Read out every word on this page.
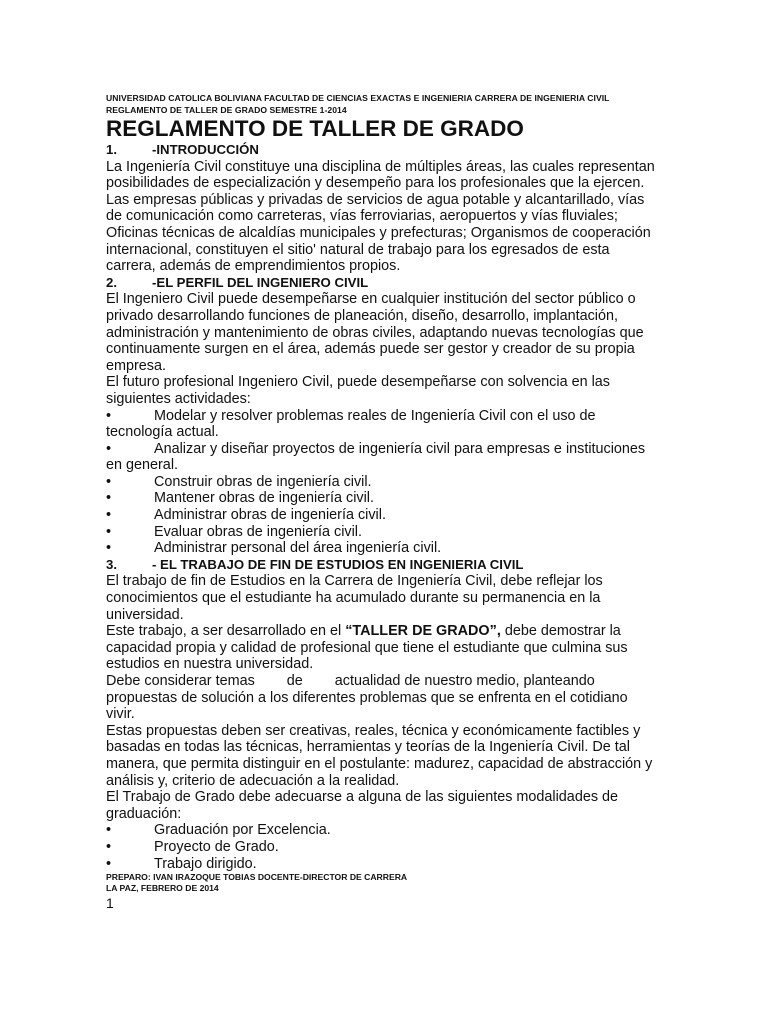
UNIVERSIDAD CATOLICA BOLIVIANA FACULTAD DE CIENCIAS EXACTAS E INGENIERIA CARRERA DE INGENIERIA CIVIL
REGLAMENTO DE TALLER DE GRADO SEMESTRE 1-2014
REGLAMENTO DE TALLER DE GRADO
1.	-INTRODUCCIÓN
La Ingeniería Civil constituye una disciplina de múltiples áreas, las cuales representan
posibilidades de especialización y desempeño para los profesionales que la ejercen.
Las empresas públicas y privadas de servicios de agua potable y alcantarillado, vías
de comunicación como carreteras, vías ferroviarias, aeropuertos y vías fluviales;
Oficinas técnicas de alcaldías municipales y prefecturas; Organismos de cooperación
internacional, constituyen el sitio' natural de trabajo para los egresados de esta
carrera, además de emprendimientos propios.
2.	-EL PERFIL DEL INGENIERO CIVIL
El Ingeniero Civil puede desempeñarse en cualquier institución del sector público o
privado desarrollando funciones de planeación, diseño, desarrollo, implantación,
administración y mantenimiento de obras civiles, adaptando nuevas tecnologías que
continuamente surgen en el área, además puede ser gestor y creador de su propia
empresa.
El futuro profesional Ingeniero Civil, puede desempeñarse con solvencia en las
siguientes actividades:
•	Modelar y resolver problemas reales de Ingeniería Civil con el uso de
tecnología actual.
•	Analizar y diseñar proyectos de ingeniería civil para empresas e instituciones
en general.
•	Construir obras de ingeniería civil.
•	Mantener obras de ingeniería civil.
•	Administrar obras de ingeniería civil.
•	Evaluar obras de ingeniería civil.
•	Administrar personal del área ingeniería civil.
3.	- EL TRABAJO DE FIN DE ESTUDIOS EN INGENIERIA CIVIL
El trabajo de fin de Estudios en la Carrera de Ingeniería Civil, debe reflejar los
conocimientos que el estudiante ha acumulado durante su permanencia en la
universidad.
Este trabajo, a ser desarrollado en el “TALLER DE GRADO”, debe demostrar la
capacidad propia y calidad de profesional que tiene el estudiante que culmina sus
estudios en nuestra universidad.
Debe considerar temas        de        actualidad de nuestro medio, planteando
propuestas de solución a los diferentes problemas que se enfrenta en el cotidiano
vivir.
Estas propuestas deben ser creativas, reales, técnica y económicamente factibles y
basadas en todas las técnicas, herramientas y teorías de la Ingeniería Civil. De tal
manera, que permita distinguir en el postulante: madurez, capacidad de abstracción y
análisis y, criterio de adecuación a la realidad.
El Trabajo de Grado debe adecuarse a alguna de las siguientes modalidades de
graduación:
•	Graduación por Excelencia.
•	Proyecto de Grado.
•	Trabajo dirigido.
PREPARO: IVAN IRAZOQUE TOBIAS DOCENTE-DIRECTOR DE CARRERA
LA PAZ, FEBRERO DE 2014
1
